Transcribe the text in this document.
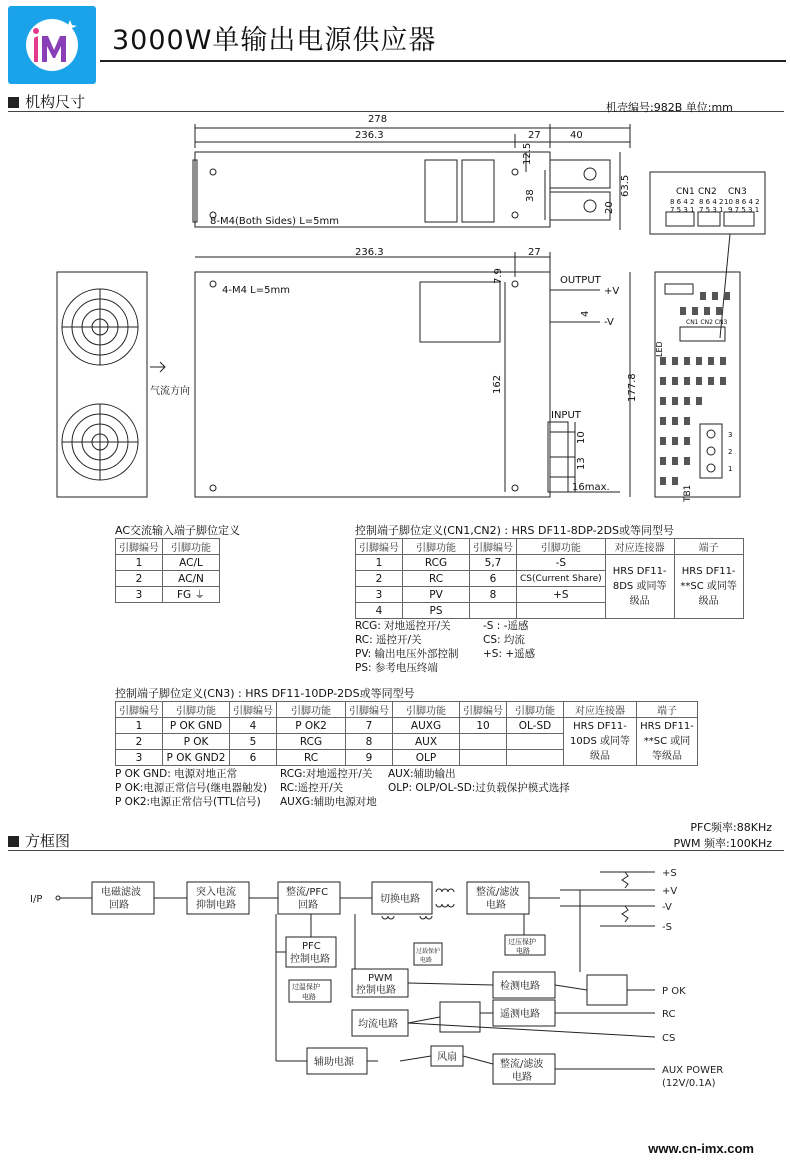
3000W单输出电源供应器
机构尺寸	机壳编号:982B 单位:mm
278
236.3	27	40
12.5
38
20
63.5
8-M4(Both Sides) L=5mm
236.3	27
7.9
4-M4 L=5mm
162
OUTPUT
+V
-V
4
INPUT
10
13
16max.
气流方向	177.8
LED
CN1 CN2 CN3
TB1
3
2
1
CN1 CN2 CN3
8 6 4 2 8 6 4 2 10 8 6 4 2
7 5 3 1 7 5 3 1 9 7 5 3 1
AC交流输入端子脚位定义
引脚编号	引脚功能
1	AC/L
2	AC/N
3	FG ⏚
控制端子脚位定义(CN1,CN2) : HRS DF11-8DP-2DS或等同型号
引脚编号	引脚功能	引脚编号	引脚功能	对应连接器	端子
1	RCG	5,7	-S	HRS DF11-8DS 或同等级品	HRS DF11-**SC 或同等级品
2	RC	6	CS(Current Share)		
3	PV	8	+S		
4	PS				
RCG: 对地遥控开/关	-S : -遥感
RC: 遥控开/关	CS: 均流
PV: 输出电压外部控制 +S: +遥感
PS: 参考电压终端
控制端子脚位定义(CN3) : HRS DF11-10DP-2DS或等同型号
引脚编号	引脚功能	引脚编号	引脚功能	引脚编号	引脚功能	引脚编号	引脚功能	对应连接器	端子
1	P OK GND	4	P OK2	7	AUXG	10	OL-SD	HRS DF11-10DS 或同等级品	HRS DF11-**SC 或同等级品
2	P OK	5	RCG	8	AUX				
3	P OK GND2	6	RC	9	OLP				
P OK GND: 电源对地正常	RCG:对地遥控开/关 AUX:辅助输出
P OK:电源正常信号(继电器触发) RC:遥控开/关	OLP: OLP/OL-SD:过负载保护模式选择
P OK2:电源正常信号(TTL信号) AUXG:辅助电源对地
方框图
PFC频率:88KHz
PWM 频率:100KHz
I/P
电磁滤波
回路
突入电流
抑制电路
整流/PFC
回路
切换电路
整流/滤波
电路
PFC
控制电路
过温保护
电路
过载保护
电路
过压保护
电路
PWM
控制电路	检测电路
均流电路
遥测电路
辅助电源	风扇
整流/滤波
电路
+S
+V
-V
-S
P OK
RC
CS
AUX POWER
(12V/0.1A)
www.cn-imx.com
